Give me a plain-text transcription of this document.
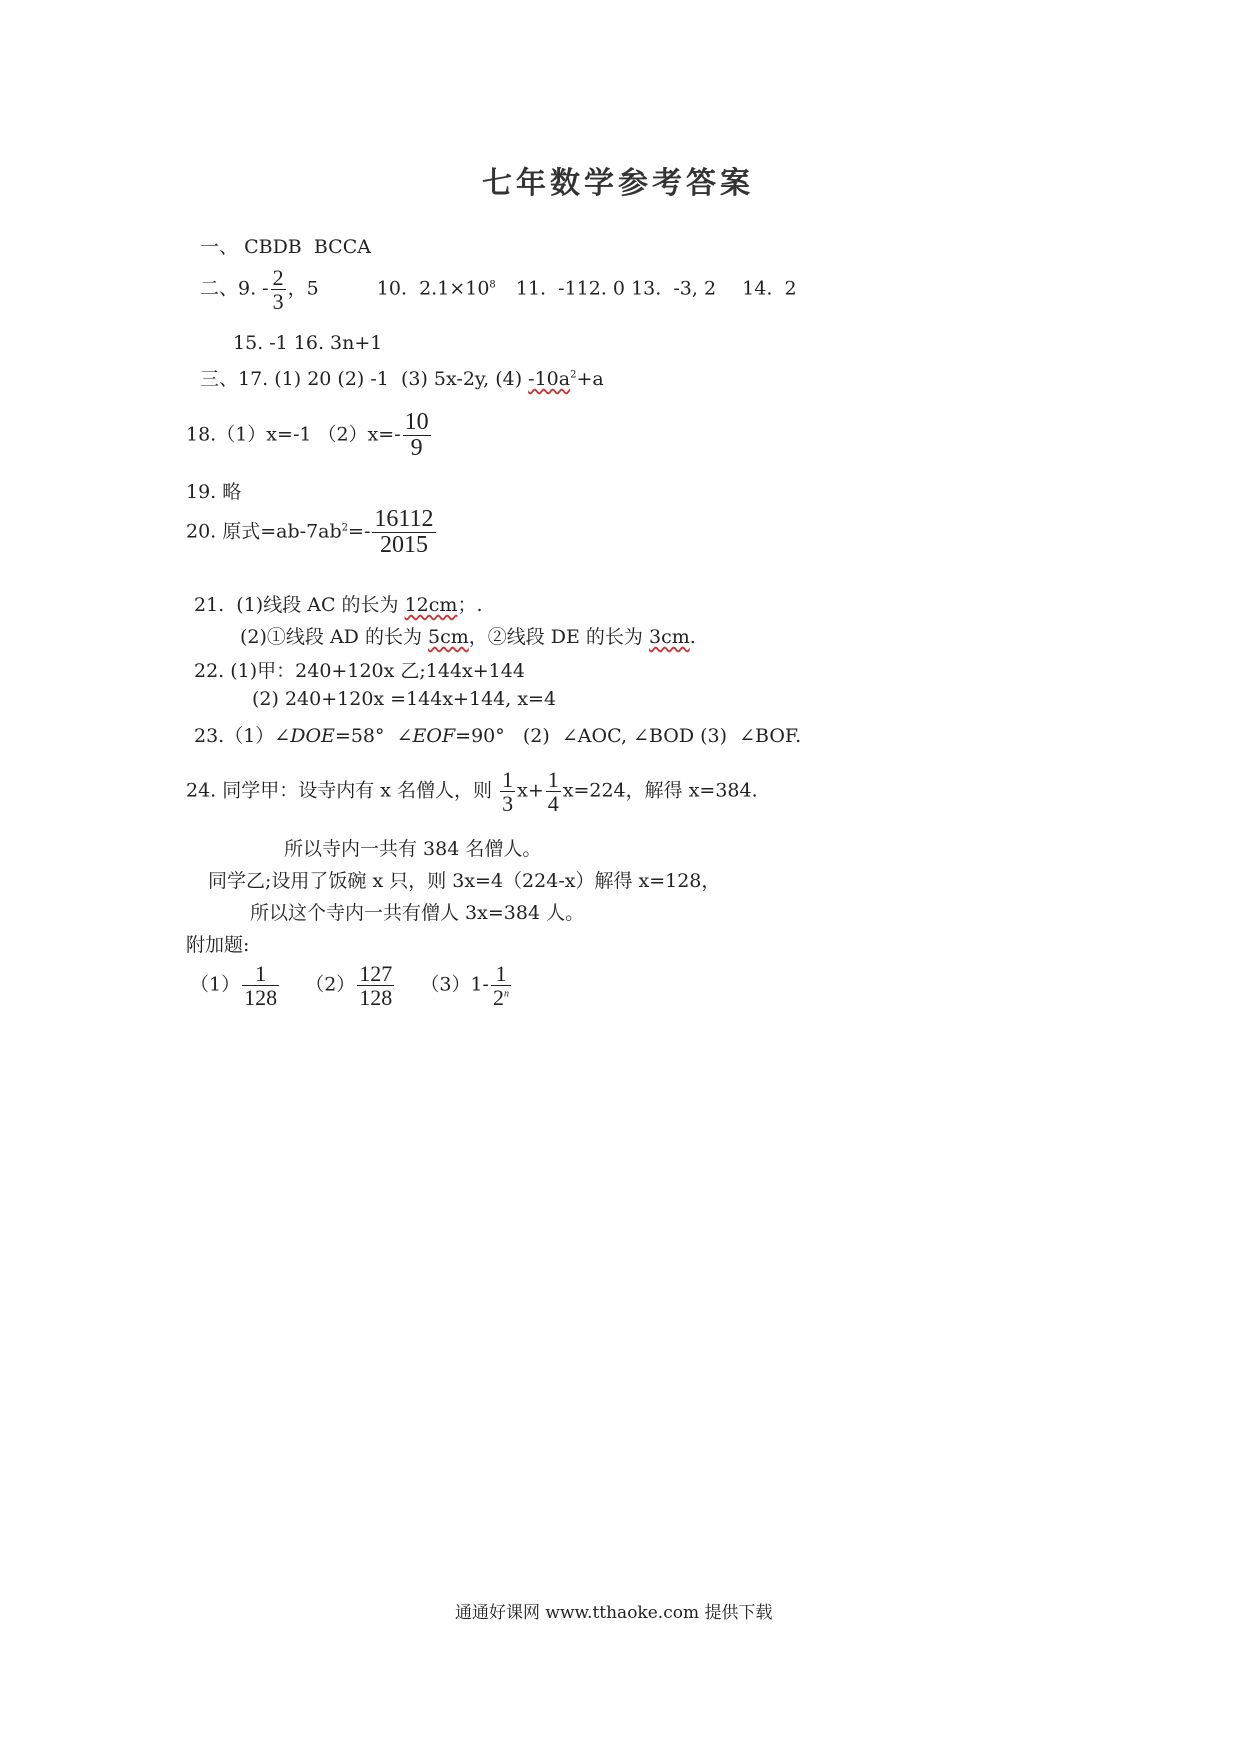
七年数学参考答案
一、 CBDB  BCCA
二、9. - $\frac{2}{3}$ ，5	10.  $2.1\times 10^8$ 11.  -112. 0 13.  -3, 2 14.  2
15. -1 16. 3n+1
三、17. (1) 20 (2) -1  (3) 5x-2y, (4) $-10a^2+a$
18.（1）x=-1 $(2)x=- \frac{10}{9}$
19. 略
20. 原式$=ab-7ab^2=- \frac{16112}{2015}$
21.  (1)线段 AC 的长为 12cm；.
(2)①线段 AD 的长为 5cm，②线段 DE 的长为 3cm.
22. (1)甲：240+120x 乙;144x+144
(2) 240+120x =144x+144, x=4
23.（1）∠DOE=58°  ∠EOF=90°   (2)  ∠AOC, ∠BOD (3)  ∠BOF.
24. 同学甲：设寺内有 x 名僧人，则 $\frac{1}{3} x+ \frac{1}{4} x=224$，解得 x=384.
所以寺内一共有 384 名僧人。
同学乙;设用了饭碗 x 只，则 3x=4（224-x）解得 x=128，
所以这个寺内一共有僧人 3x=384 人。
附加题:
$(1) \frac{1}{128} (2) \frac{127}{128} (3)1- \frac{1}{2^n}$
通通好课网 www.tthaoke.com 提供下载
